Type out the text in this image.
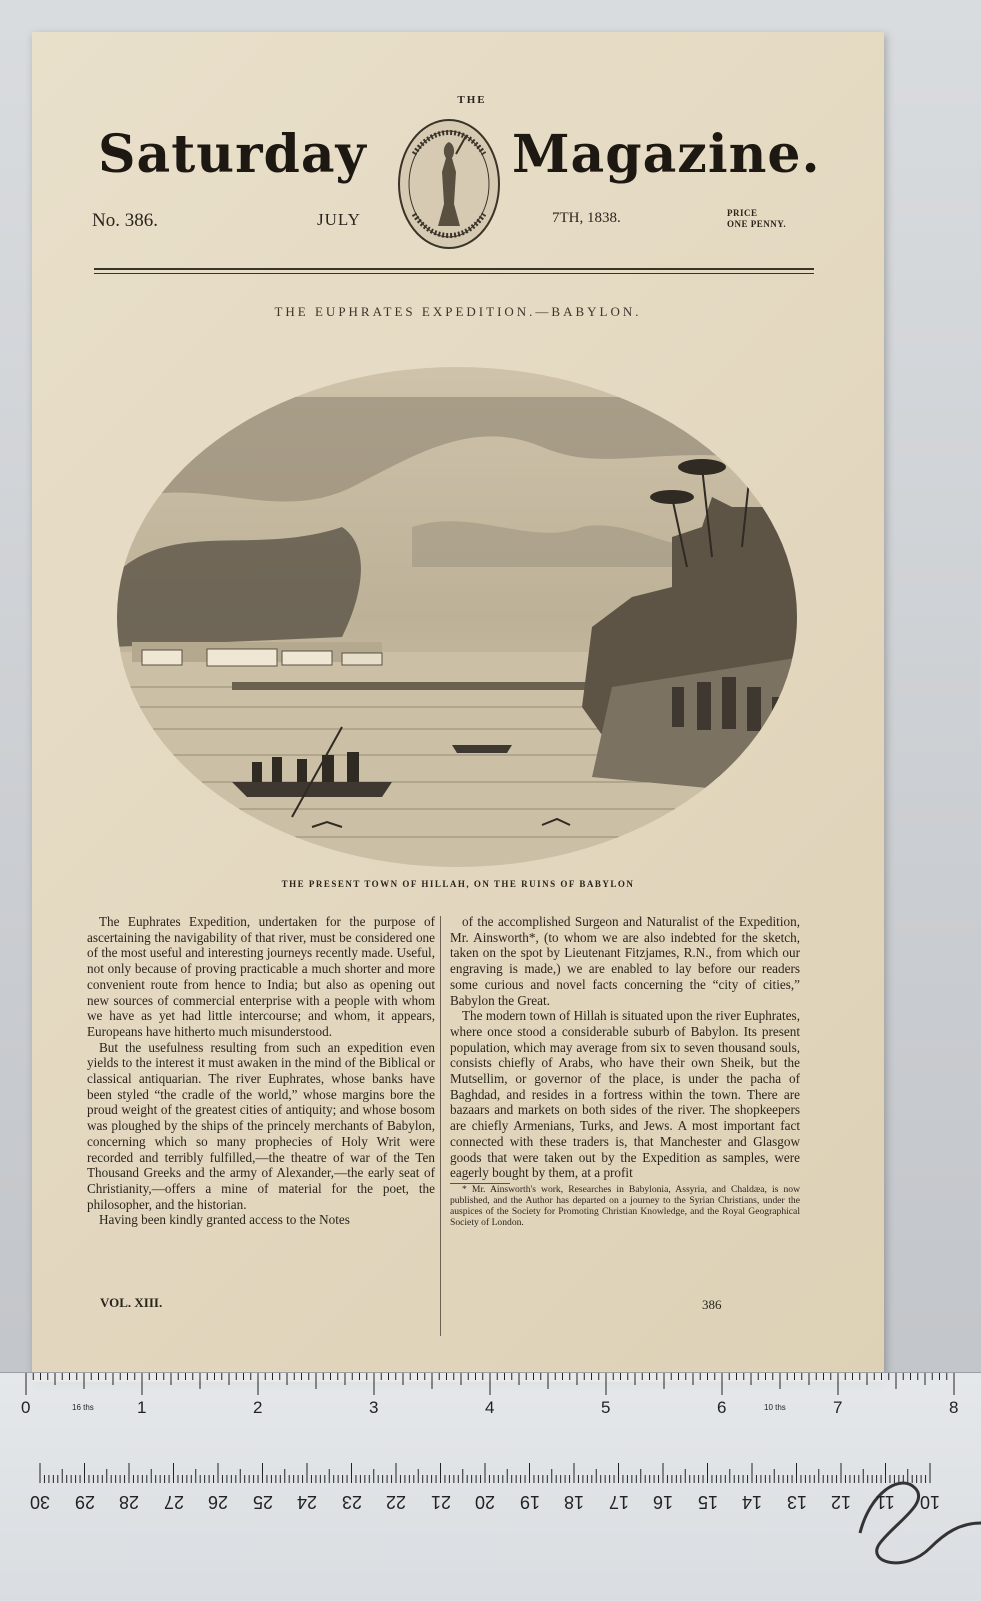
THE
Saturday	Magazine.
No. 386.	JULY	7TH, 1838.	PRICE
ONE PENNY.
THE EUPHRATES EXPEDITION.—BABYLON.
THE PRESENT TOWN OF HILLAH, ON THE RUINS OF BABYLON

The Euphrates Expedition, undertaken for the purpose of ascertaining the navigability of that river, must be considered one of the most useful and interesting journeys recently made. Useful, not only because of proving practicable a much shorter and more convenient route from hence to India; but also as opening out new sources of commercial enterprise with a people with whom we have as yet had little intercourse; and whom, it appears, Europeans have hitherto much misunderstood.

But the usefulness resulting from such an expedition even yields to the interest it must awaken in the mind of the Biblical or classical antiquarian. The river Euphrates, whose banks have been styled “the cradle of the world,” whose margins bore the proud weight of the greatest cities of antiquity; and whose bosom was ploughed by the ships of the princely merchants of Babylon, concerning which so many prophecies of Holy Writ were recorded and terribly fulfilled,—the theatre of war of the Ten Thousand Greeks and the army of Alexander,—the early seat of Christianity,—offers a mine of material for the poet, the philosopher, and the historian.

Having been kindly granted access to the Notes

of the accomplished Surgeon and Naturalist of the Expedition, Mr. Ainsworth*, (to whom we are also indebted for the sketch, taken on the spot by Lieutenant Fitzjames, R.N., from which our engraving is made,) we are enabled to lay before our readers some curious and novel facts concerning the “city of cities,” Babylon the Great.

The modern town of Hillah is situated upon the river Euphrates, where once stood a considerable suburb of Babylon. Its present population, which may average from six to seven thousand souls, consists chiefly of Arabs, who have their own Sheik, but the Mutsellim, or governor of the place, is under the pacha of Baghdad, and resides in a fortress within the town. There are bazaars and markets on both sides of the river. The shopkeepers are chiefly Armenians, Turks, and Jews. A most important fact connected with these traders is, that Manchester and Glasgow goods that were taken out by the Expedition as samples, were eagerly bought by them, at a profit

* Mr. Ainsworth's work, Researches in Babylonia, Assyria, and Chaldæa, is now published, and the Author has departed on a journey to the Syrian Christians, under the auspices of the Society for Promoting Christian Knowledge, and the Royal Geographical Society of London.

VOL. XIII.	386
16 ths	10 ths
0	1	2	3	4	5	6	7	8
30 29 28 27 26 25 24 23 22 21 20 19 18 17 16 15 14 13 12 11 10
